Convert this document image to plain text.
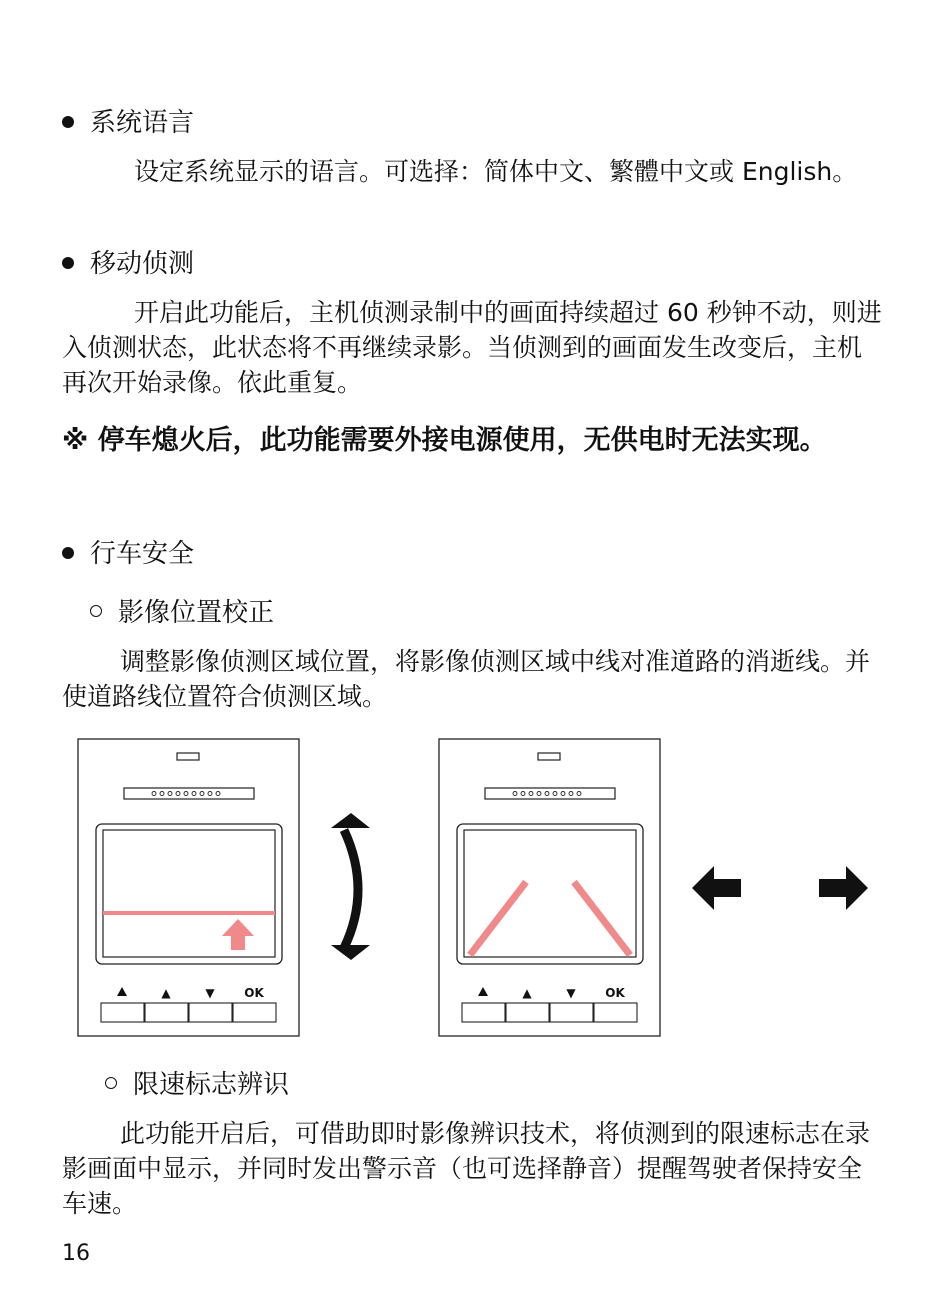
系统语言

设定系统显示的语言。可选择：简体中文、繁體中文或 English。

移动侦测

开启此功能后，主机侦测录制中的画面持续超过 60 秒钟不动，则进入侦测状态，此状态将不再继续录影。当侦测到的画面发生改变后，主机再次开始录像。依此重复。

※ 停车熄火后，此功能需要外接电源使用，无供电时无法实现。

行车安全
影像位置校正

调整影像侦测区域位置，将影像侦测区域中线对准道路的消逝线。并使道路线位置符合侦测区域。

▲	▼ OK	▲	▼ OK
限速标志辨识

此功能开启后，可借助即时影像辨识技术，将侦测到的限速标志在录影画面中显示，并同时发出警示音（也可选择静音）提醒驾驶者保持安全车速。

16
